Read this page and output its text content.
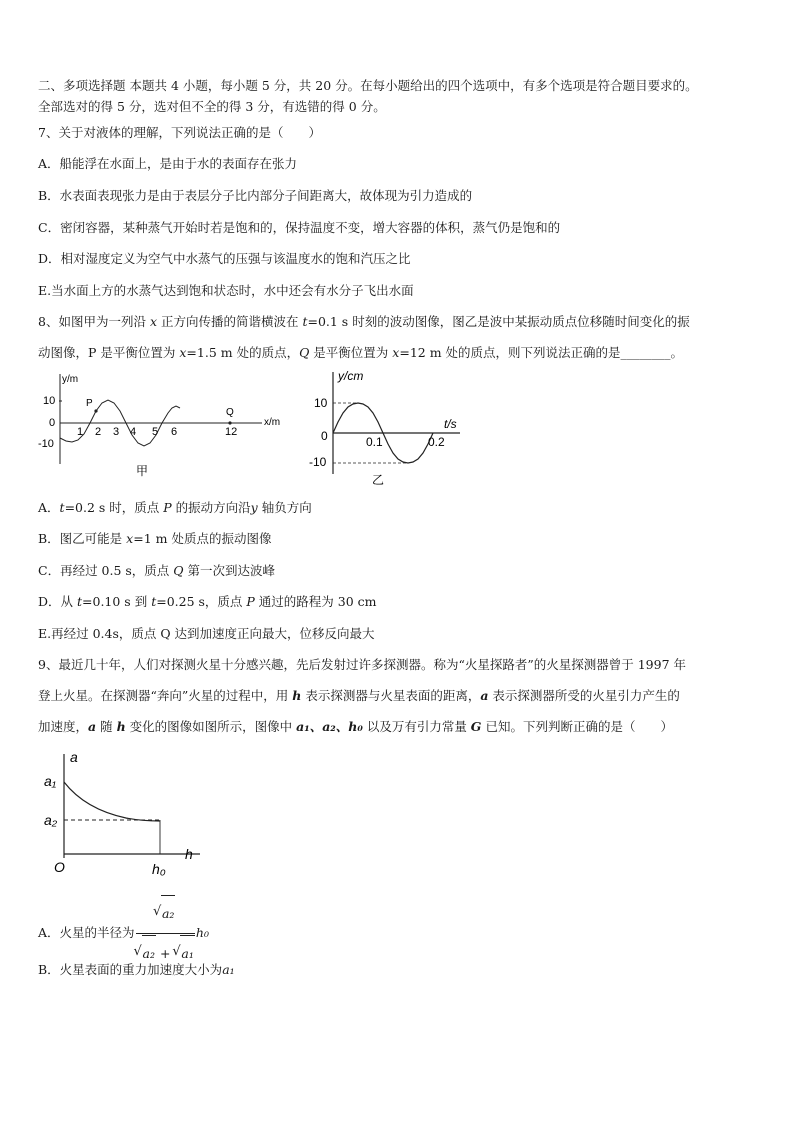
二、多项选择题 本题共 4 小题，每小题 5 分，共 20 分。在每小题给出的四个选项中，有多个选项是符合题目要求的。
全部选对的得 5 分，选对但不全的得 3 分，有选错的得 0 分。
7、关于对液体的理解，下列说法正确的是（　　）
A．船能浮在水面上，是由于水的表面存在张力
B．水表面表现张力是由于表层分子比内部分子间距离大，故体现为引力造成的
C．密闭容器，某种蒸气开始时若是饱和的，保持温度不变，增大容器的体积，蒸气仍是饱和的
D．相对湿度定义为空气中水蒸气的压强与该温度水的饱和汽压之比
E.当水面上方的水蒸气达到饱和状态时，水中还会有水分子飞出水面
8、如图甲为一列沿 x 正方向传播的简谐横波在 t=0.1 s 时刻的波动图像，图乙是波中某振动质点位移随时间变化的振
动图像，P 是平衡位置为 x=1.5 m 处的质点，Q 是平衡位置为 x=12 m 处的质点，则下列说法正确的是________。
y/m
x/m
10
0
-10
1 2 3 4 5 6	12
P
Q
甲
y/cm
t/s
10
0
-10
0.1	0.2
乙
A．t=0.2 s 时，质点 P 的振动方向沿y 轴负方向
B．图乙可能是 x=1 m 处质点的振动图像
C．再经过 0.5 s，质点 Q 第一次到达波峰
D．从 t=0.10 s 到 t=0.25 s，质点 P 通过的路程为 30 cm
E.再经过 0.4s，质点 Q 达到加速度正向最大，位移反向最大
9、最近几十年，人们对探测火星十分感兴趣，先后发射过许多探测器。称为“火星探路者”的火星探测器曾于 1997 年
登上火星。在探测器“奔向”火星的过程中，用 h 表示探测器与火星表面的距离，a 表示探测器所受的火星引力产生的
加速度，a 随 h 变化的图像如图所示，图像中 a₁、a₂、h₀ 以及万有引力常量 G 已知。下列判断正确的是（　　）
a
h
O
a₁
a₂
h₀
A．火星的半径为
√ a₂
√ a₂ + √ a₁ h₀
B．火星表面的重力加速度大小为a₁
